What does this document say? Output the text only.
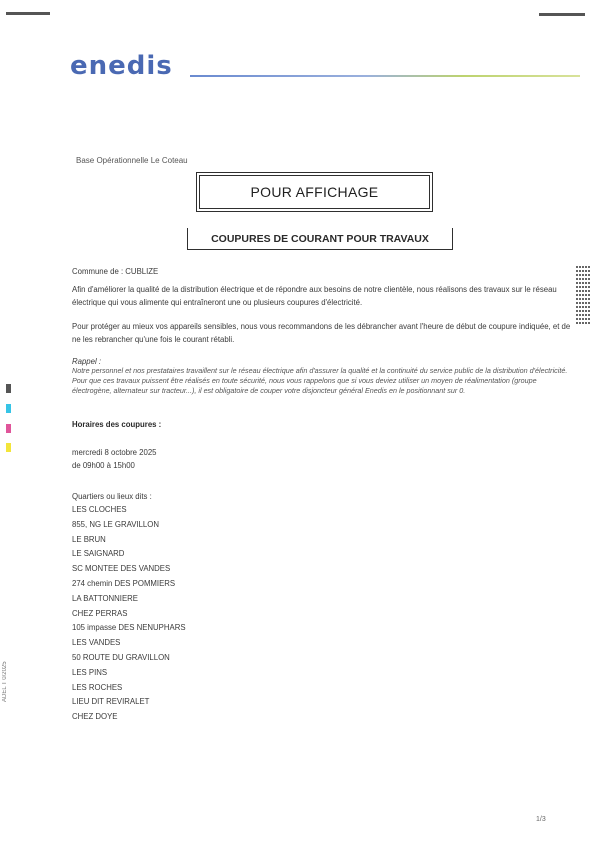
enedis
Base Opérationnelle Le Coteau
POUR AFFICHAGE
COUPURES DE COURANT POUR TRAVAUX
Commune de : CUBLIZE
Afin d'améliorer la qualité de la distribution électrique et de répondre aux besoins de notre clientèle, nous réalisons des travaux sur le réseau électrique qui vous alimente qui entraîneront une ou plusieurs coupures d'électricité.
Pour protéger au mieux vos appareils sensibles, nous vous recommandons de les débrancher avant l'heure de début de coupure indiquée, et de ne les rebrancher qu'une fois le courant rétabli.
Rappel :
Notre personnel et nos prestataires travaillent sur le réseau électrique afin d'assurer la qualité et la continuité du service public de la distribution d'électricité. Pour que ces travaux puissent être réalisés en toute sécurité, nous vous rappelons que si vous deviez utiliser un moyen de réalimentation (groupe électrogène, alternateur sur tracteur...), il est obligatoire de couper votre disjoncteur général Enedis en le positionnant sur 0.
Horaires des coupures :
mercredi 8 octobre 2025
de 09h00 à 15h00
Quartiers ou lieux dits :
LES CLOCHES
855, NG LE GRAVILLON
LE BRUN
LE SAIGNARD
SC MONTEE DES VANDES
274 chemin DES POMMIERS
LA BATTONNIERE
CHEZ PERRAS
105 impasse DES NENUPHARS
LES VANDES
50 ROUTE DU GRAVILLON
LES PINS
LES ROCHES
LIEU DIT REVIRALET
CHEZ DOYE
ADEL T 0/2025
1/3
